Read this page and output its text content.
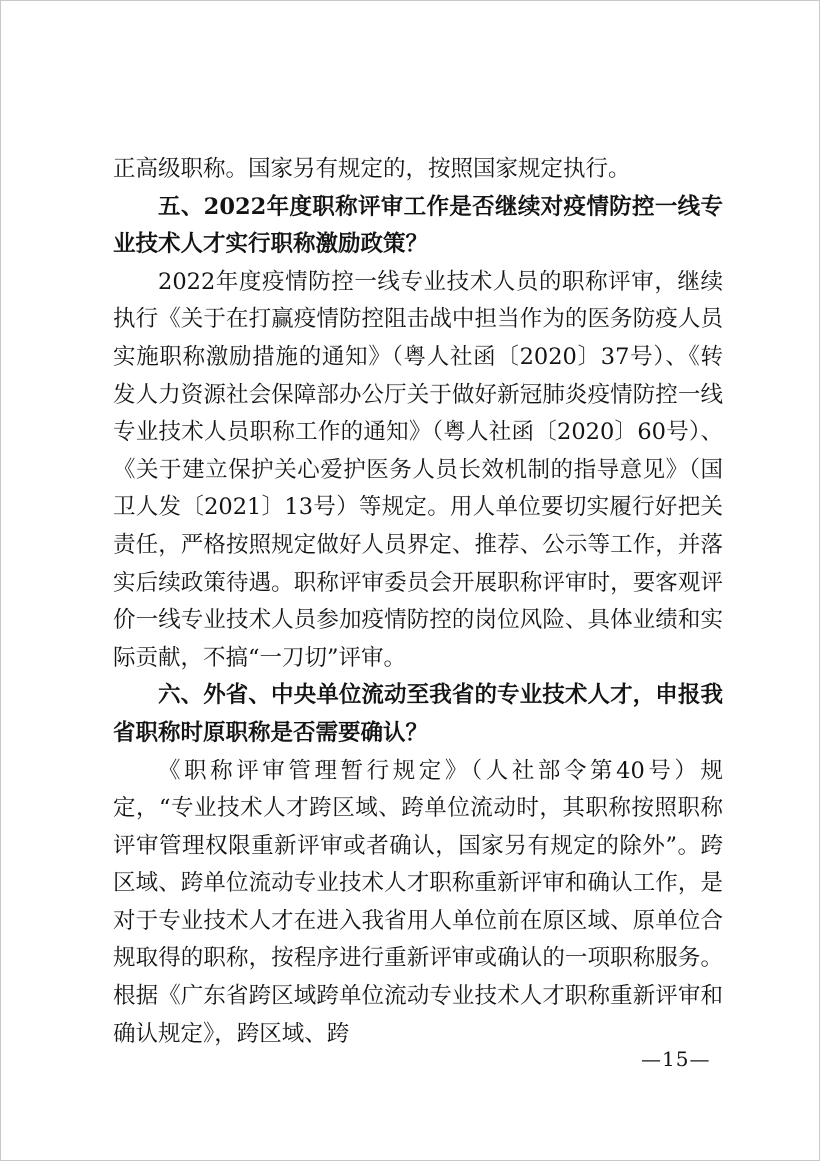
正高级职称。国家另有规定的，按照国家规定执行。

五、2022年度职称评审工作是否继续对疫情防控一线专业技术人才实行职称激励政策？

2022年度疫情防控一线专业技术人员的职称评审，继续执行《关于在打赢疫情防控阻击战中担当作为的医务防疫人员实施职称激励措施的通知》（粤人社函〔2020〕37号）、《转发人力资源社会保障部办公厅关于做好新冠肺炎疫情防控一线专业技术人员职称工作的通知》（粤人社函〔2020〕60号）、《关于建立保护关心爱护医务人员长效机制的指导意见》（国卫人发〔2021〕13号）等规定。用人单位要切实履行好把关责任，严格按照规定做好人员界定、推荐、公示等工作，并落实后续政策待遇。职称评审委员会开展职称评审时，要客观评价一线专业技术人员参加疫情防控的岗位风险、具体业绩和实际贡献，不搞“一刀切”评审。

六、外省、中央单位流动至我省的专业技术人才，申报我省职称时原职称是否需要确认？

《职称评审管理暂行规定》（人社部令第40号）规定，“专业技术人才跨区域、跨单位流动时，其职称按照职称评审管理权限重新评审或者确认，国家另有规定的除外”。跨区域、跨单位流动专业技术人才职称重新评审和确认工作，是对于专业技术人才在进入我省用人单位前在原区域、原单位合规取得的职称，按程序进行重新评审或确认的一项职称服务。根据《广东省跨区域跨单位流动专业技术人才职称重新评审和确认规定》，跨区域、跨

—15—
